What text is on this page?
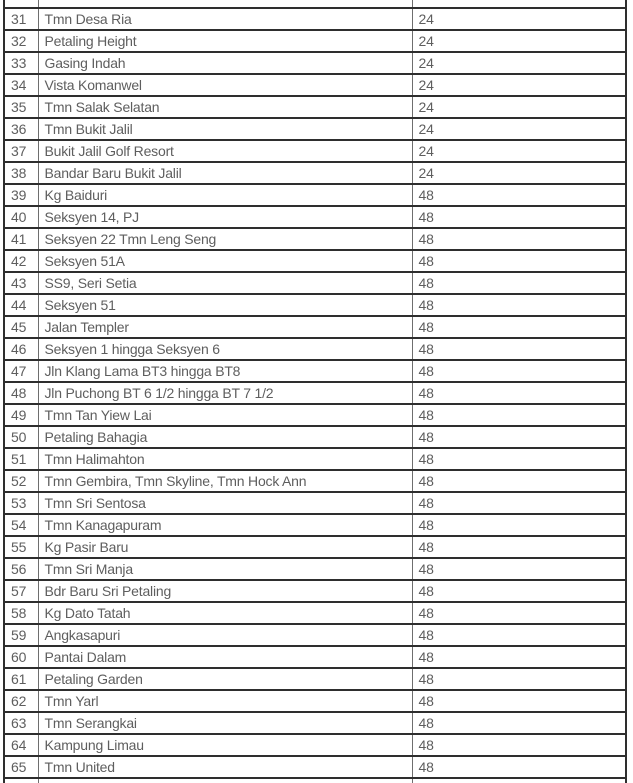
31	Tmn Desa Ria	24
32	Petaling Height	24
33	Gasing Indah	24
34	Vista Komanwel	24
35	Tmn Salak Selatan	24
36	Tmn Bukit Jalil	24
37	Bukit Jalil Golf Resort	24
38	Bandar Baru Bukit Jalil	24
39	Kg Baiduri	48
40	Seksyen 14, PJ	48
41	Seksyen 22 Tmn Leng Seng	48
42	Seksyen 51A	48
43	SS9, Seri Setia	48
44	Seksyen 51	48
45	Jalan Templer	48
46	Seksyen 1 hingga Seksyen 6	48
47	Jln Klang Lama BT3 hingga BT8	48
48	Jln Puchong BT 6 1/2 hingga BT 7 1/2	48
49	Tmn Tan Yiew Lai	48
50	Petaling Bahagia	48
51	Tmn Halimahton	48
52	Tmn Gembira, Tmn Skyline, Tmn Hock Ann	48
53	Tmn Sri Sentosa	48
54	Tmn Kanagapuram	48
55	Kg Pasir Baru	48
56	Tmn Sri Manja	48
57	Bdr Baru Sri Petaling	48
58	Kg Dato Tatah	48
59	Angkasapuri	48
60	Pantai Dalam	48
61	Petaling Garden	48
62	Tmn Yarl	48
63	Tmn Serangkai	48
64	Kampung Limau	48
65	Tmn United	48
